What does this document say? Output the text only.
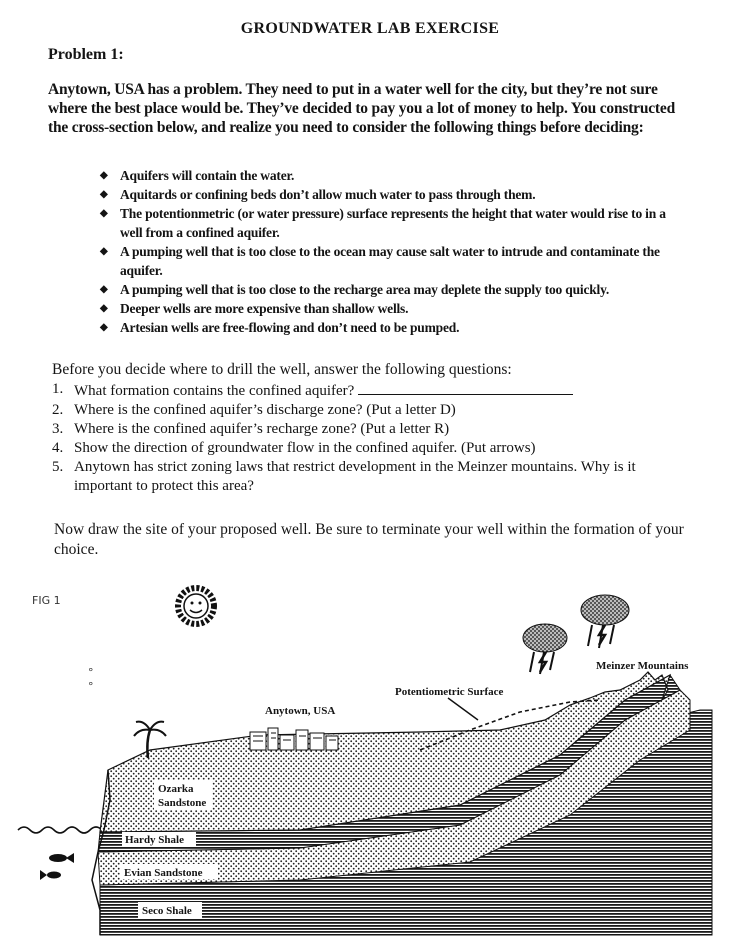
GROUNDWATER LAB EXERCISE
Problem 1:
Anytown, USA has a problem. They need to put in a water well for the city, but they’re not sure where the best place would be. They’ve decided to pay you a lot of money to help. You constructed the cross-section below, and realize you need to consider the following things before deciding:
◆ Aquifers will contain the water.
◆ Aquitards or confining beds don’t allow much water to pass through them.
◆ The potentionmetric (or water pressure) surface represents the height that water would rise to in a well from a confined aquifer.
◆ A pumping well that is too close to the ocean may cause salt water to intrude and contaminate the aquifer.
◆ A pumping well that is too close to the recharge area may deplete the supply too quickly.
◆ Deeper wells are more expensive than shallow wells.
◆ Artesian wells are free-flowing and don’t need to be pumped.
Before you decide where to drill the well, answer the following questions:
1. What formation contains the confined aquifer?
2. Where is the confined aquifer’s discharge zone? (Put a letter D)
3. Where is the confined aquifer’s recharge zone? (Put a letter R)
4. Show the direction of groundwater flow in the confined aquifer. (Put arrows)
5. Anytown has strict zoning laws that restrict development in the Meinzer mountains. Why is it important to protect this area?
Now draw the site of your proposed well. Be sure to terminate your well within the formation of your choice.
FIG 1
°
°
Anytown, USA
Potentiometric Surface
Meinzer Mountains
Ozarka
Sandstone
Hardy Shale
Evian Sandstone
Seco Shale
